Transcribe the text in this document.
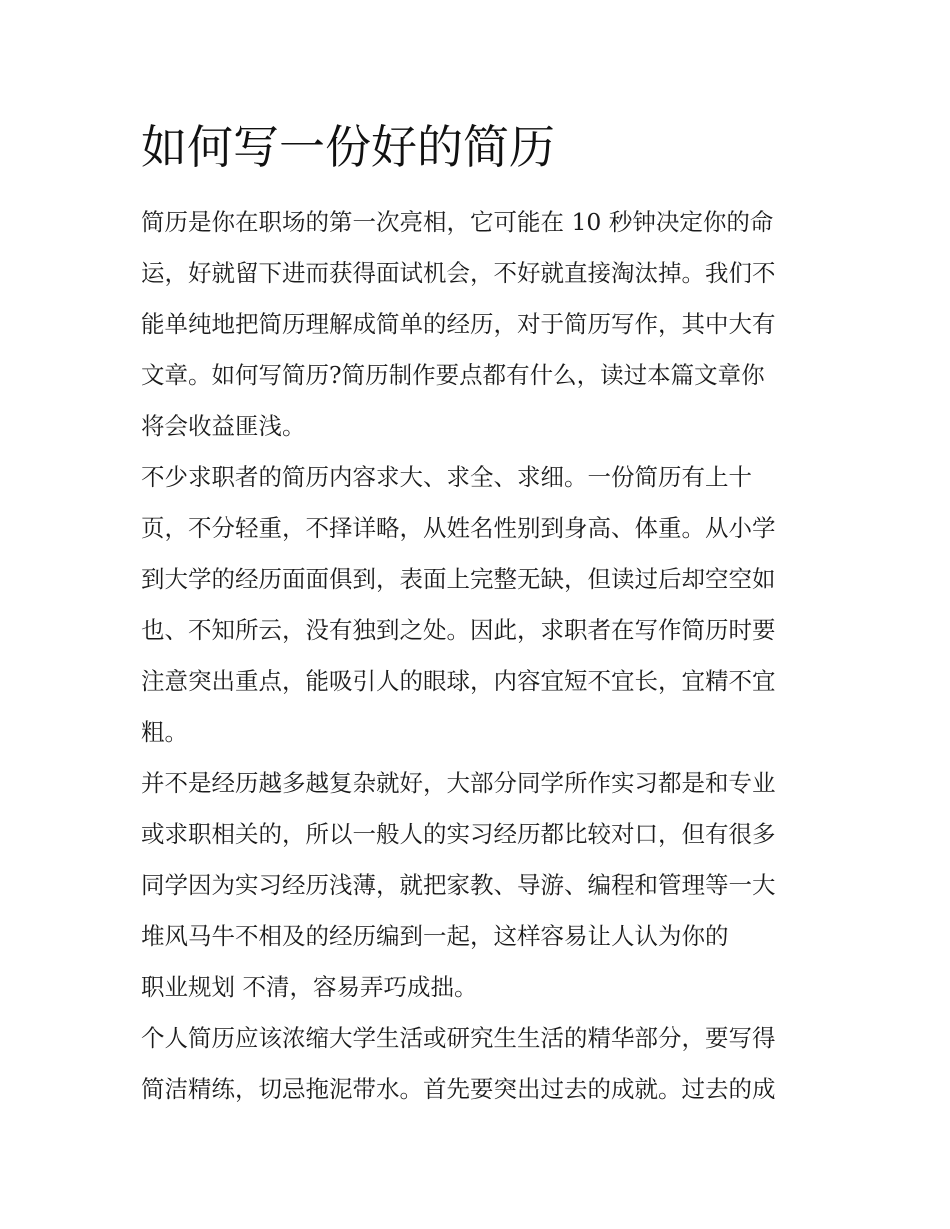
如何写一份好的简历
简历是你在职场的第一次亮相，它可能在 10 秒钟决定你的命
运，好就留下进而获得面试机会，不好就直接淘汰掉。我们不
能单纯地把简历理解成简单的经历，对于简历写作，其中大有
文章。如何写简历?简历制作要点都有什么，读过本篇文章你
将会收益匪浅。
不少求职者的简历内容求大、求全、求细。一份简历有上十
页，不分轻重，不择详略，从姓名性别到身高、体重。从小学
到大学的经历面面俱到，表面上完整无缺，但读过后却空空如
也、不知所云，没有独到之处。因此，求职者在写作简历时要
注意突出重点，能吸引人的眼球，内容宜短不宜长，宜精不宜
粗。
并不是经历越多越复杂就好，大部分同学所作实习都是和专业
或求职相关的，所以一般人的实习经历都比较对口，但有很多
同学因为实习经历浅薄，就把家教、导游、编程和管理等一大
堆风马牛不相及的经历编到一起，这样容易让人认为你的
职业规划 不清，容易弄巧成拙。
个人简历应该浓缩大学生活或研究生生活的精华部分，要写得
简洁精练，切忌拖泥带水。首先要突出过去的成就。过去的成
